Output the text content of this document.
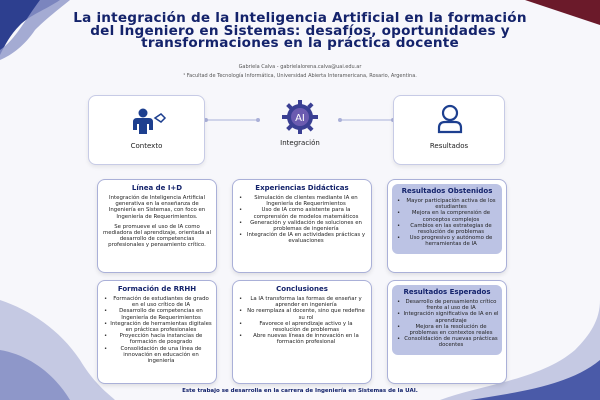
La integración de la Inteligencia Artificial en la formación del Ingeniero en Sistemas: desafíos, oportunidades y transformaciones en la práctica docente
Gabriela Calva - gabrielalorena.calva@uai.edu.ar
¹ Facultad de Tecnología Informática, Universidad Abierta Interamericana, Rosario, Argentina.
Contexto
AI
Integración	Resultados
Línea de I+D

Integración de Inteligencia Artificial generativa en la enseñanza de Ingeniería en Sistemas, con foco en Ingeniería de Requerimientos.

Se promueve el uso de IA como mediadora del aprendizaje, orientada al desarrollo de competencias profesionales y pensamiento crítico.

Experiencias Didácticas
• Simulación de clientes mediante IA en Ingeniería de Requerimientos
• Uso de IA como asistente para la comprensión de modelos matemáticos
• Generación y validación de soluciones en problemas de ingeniería
• Integración de IA en actividades prácticas y evaluaciones
Resultados Obstenidos
• Mayor participación activa de los estudiantes
• Mejora en la comprensión de conceptos complejos
• Cambios en las estrategias de resolución de problemas
• Uso progresivo y autónomo de herramientas de IA
Formación de RRHH
• Formación de estudiantes de grado en el uso crítico de IA
• Desarrollo de competencias en Ingeniería de Requerimientos
• Integración de herramientas digitales en prácticas profesionales
• Proyección hacia instancias de formación de posgrado
• Consolidación de una línea de innovación en educación en ingeniería
Conclusiones
• La IA transforma las formas de enseñar y aprender en ingeniería
• No reemplaza al docente, sino que redefine su rol
• Favorece el aprendizaje activo y la resolución de problemas
• Abre nuevas líneas de innovación en la formación profesional
Resultados Esperados
• Desarrollo de pensamiento crítico frente al uso de IA
• Integración significativa de IA en el aprendizaje
• Mejora en la resolución de problemas en contextos reales
• Consolidación de nuevas prácticas docentes
Este trabajo se desarrolla en la carrera de Ingeniería en Sistemas de la UAI.
